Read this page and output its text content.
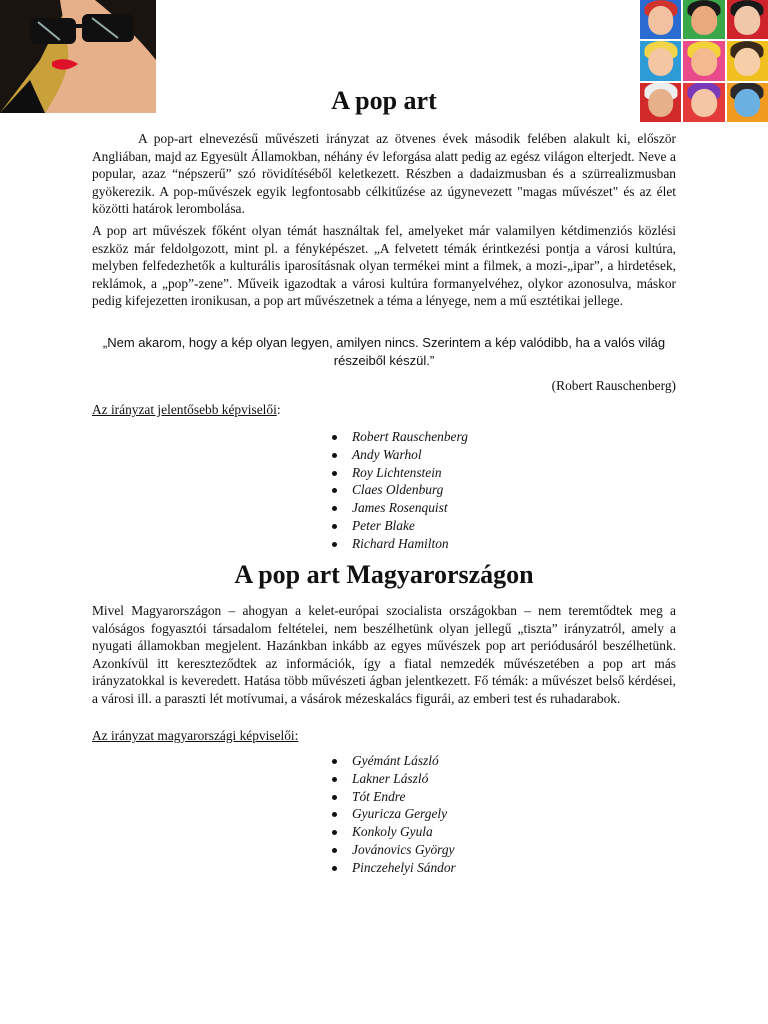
A pop art

A pop-art elnevezésű művészeti irányzat az ötvenes évek második felében alakult ki, először Angliában, majd az Egyesült Államokban, néhány év leforgása alatt pedig az egész világon elterjedt. Neve a popular, azaz “népszerű” szó rövidítéséből keletkezett. Részben a dadaizmusban és a szürrealizmusban gyökerezik. A pop-művészek egyik legfontosabb célkitűzése az úgynevezett "magas művészet" és az élet közötti határok lerombolása.

A pop art művészek főként olyan témát használtak fel, amelyeket már valamilyen kétdimenziós közlési eszköz már feldolgozott, mint pl. a fényképészet. „A felvetett témák érintkezési pontja a városi kultúra, melyben felfedezhetők a kulturális iparosításnak olyan termékei mint a filmek, a mozi-„ipar”, a hirdetések, reklámok, a „pop”-zene”. Műveik igazodtak a városi kultúra formanyelvéhez, olykor azonosulva, máskor pedig kifejezetten ironikusan, a pop art művészetnek a téma a lényege, nem a mű esztétikai jellege.

„Nem akarom, hogy a kép olyan legyen, amilyen nincs. Szerintem a kép valódibb, ha a valós világ részeiből készül.”

(Robert Rauschenberg)

Az irányzat jelentősebb képviselői:

Robert Rauschenberg
Andy Warhol
Roy Lichtenstein
Claes Oldenburg
James Rosenquist
Peter Blake
Richard Hamilton
A pop art Magyarországon

Mivel Magyarországon – ahogyan a kelet-európai szocialista országokban – nem teremtődtek meg a valóságos fogyasztói társadalom feltételei, nem beszélhetünk olyan jellegű „tiszta” irányzatról, amely a nyugati államokban megjelent. Hazánkban inkább az egyes művészek pop art periódusáról beszélhetünk. Azonkívül itt kereszteződtek az információk, így a fiatal nemzedék művészetében a pop art más irányzatokkal is keveredett. Hatása több művészeti ágban jelentkezett. Fő témák: a művészet belső kérdései, a városi ill. a paraszti lét motívumai, a vásárok mézeskalács figurái, az emberi test és ruhadarabok.

Az irányzat magyarországi képviselői:

Gyémánt László
Lakner László
Tót Endre
Gyuricza Gergely
Konkoly Gyula
Jovánovics György
Pinczehelyi Sándor
